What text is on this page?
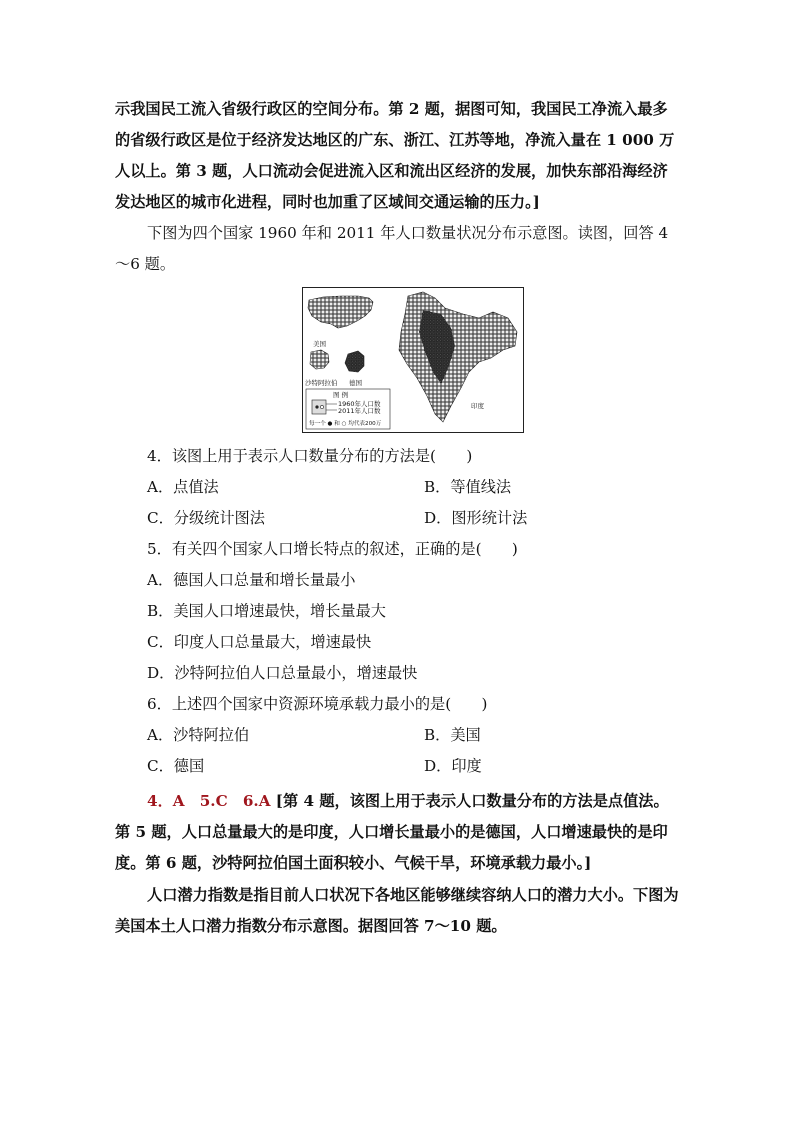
示我国民工流入省级行政区的空间分布。第 2 题，据图可知，我国民工净流入最多的省级行政区是位于经济发达地区的广东、浙江、江苏等地，净流入量在 1 000 万人以上。第 3 题，人口流动会促进流入区和流出区经济的发展，加快东部沿海经济发达地区的城市化进程，同时也加重了区域间交通运输的压力。]

下图为四个国家 1960 年和 2011 年人口数量状况分布示意图。读图，回答 4～6 题。

美国
沙特阿拉伯 德国
印度
图 例
1960年人口数
2011年人口数
每一个 ● 和 ○ 均代表200万

4．该图上用于表示人口数量分布的方法是(　　)

A．点值法	B．等值线法

C．分级统计图法	D．图形统计法

5．有关四个国家人口增长特点的叙述，正确的是(　　)

A．德国人口总量和增长量最小

B．美国人口增速最快，增长量最大

C．印度人口总量最大，增速最快

D．沙特阿拉伯人口总量最小，增速最快

6．上述四个国家中资源环境承载力最小的是(　　)

A．沙特阿拉伯	B．美国

C．德国	D．印度

4．A　5.C　6.A [第 4 题，该图上用于表示人口数量分布的方法是点值法。第 5 题，人口总量最大的是印度，人口增长量最小的是德国，人口增速最快的是印度。第 6 题，沙特阿拉伯国土面积较小、气候干旱，环境承载力最小。]

人口潜力指数是指目前人口状况下各地区能够继续容纳人口的潜力大小。下图为美国本土人口潜力指数分布示意图。据图回答 7～10 题。
